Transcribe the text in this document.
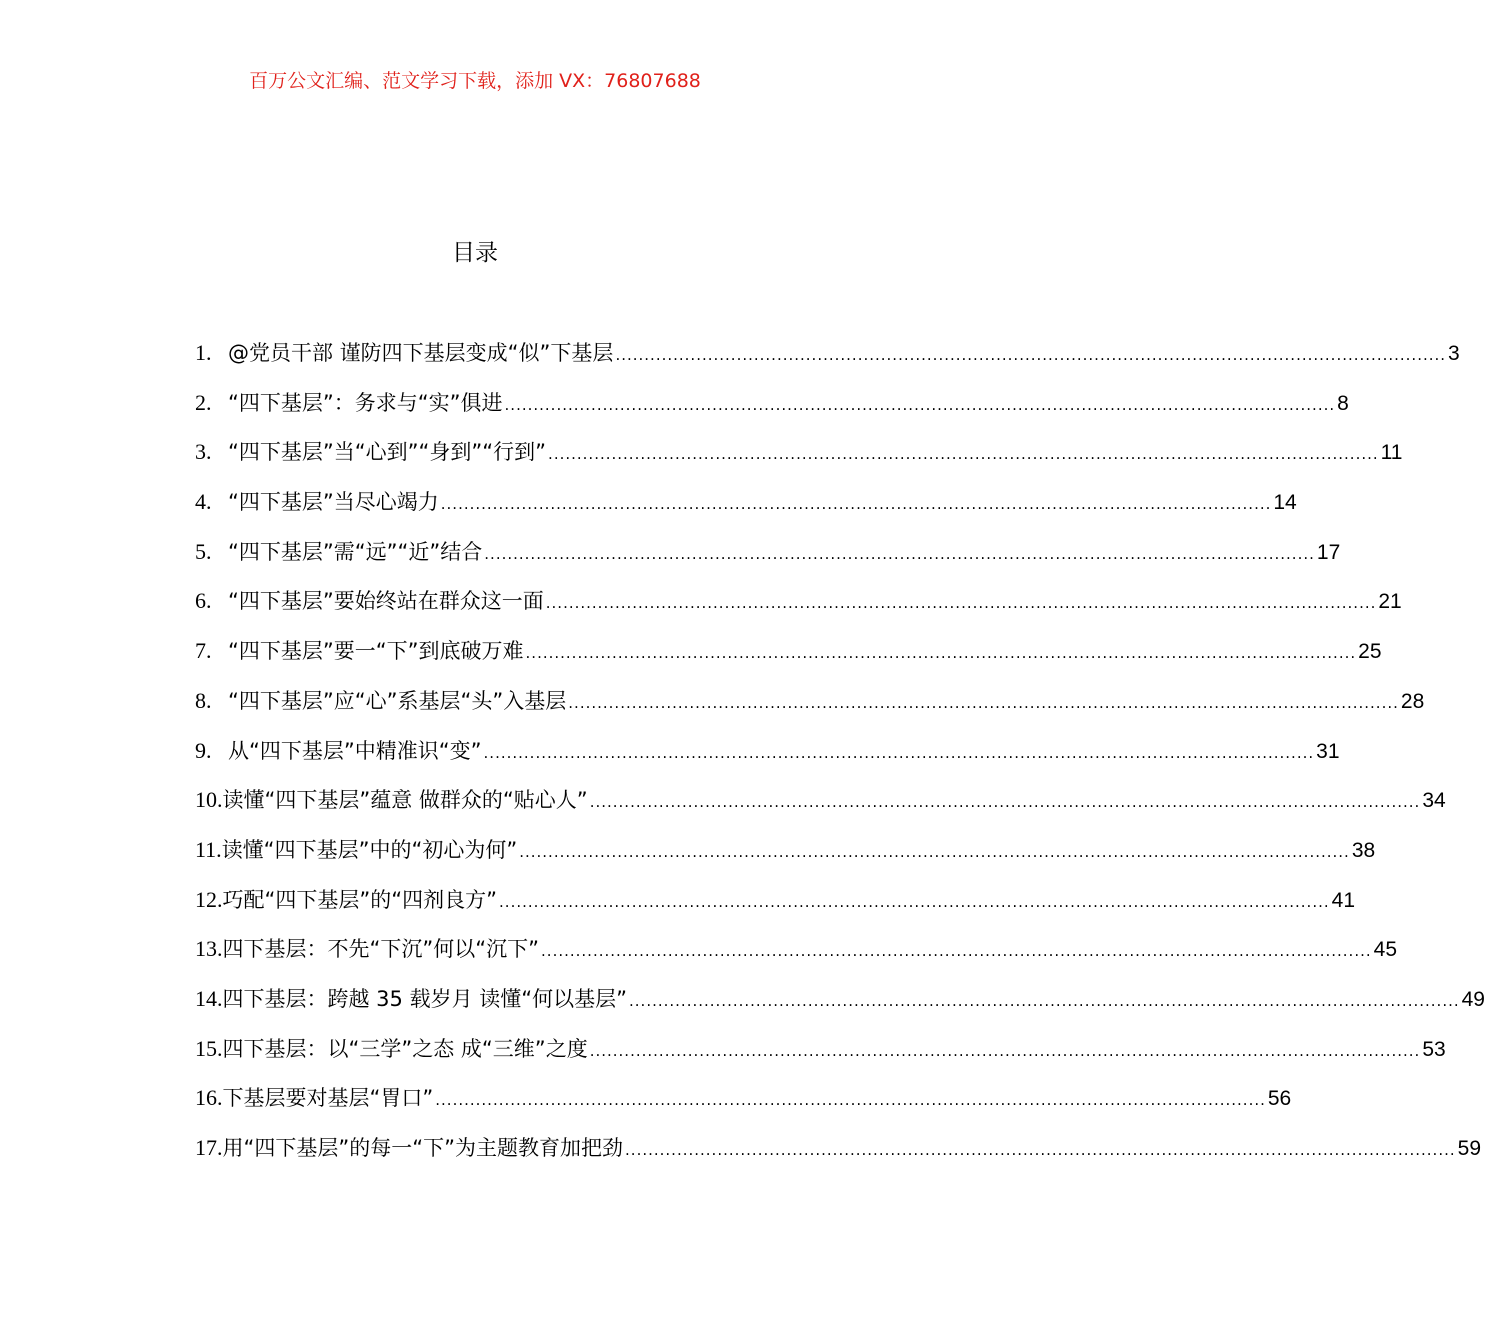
百万公文汇编、范文学习下载，添加 VX：76807688
目录
1. @党员干部 谨防四下基层变成“似”下基层 ................................................................................................................................................ 3
2. “四下基层”：务求与“实”俱进 ................................................................................................................................................ 8
3. “四下基层”当“心到”“身到”“行到” ................................................................................................................................................ 11
4. “四下基层”当尽心竭力 ................................................................................................................................................ 14
5. “四下基层”需“远”“近”结合 ................................................................................................................................................ 17
6. “四下基层”要始终站在群众这一面 ................................................................................................................................................ 21
7. “四下基层”要一“下”到底破万难 ................................................................................................................................................ 25
8. “四下基层”应“心”系基层“头”入基层 ................................................................................................................................................ 28
9. 从“四下基层”中精准识“变” ................................................................................................................................................ 31
10. 读懂“四下基层”蕴意 做群众的“贴心人” ................................................................................................................................................ 34
11. 读懂“四下基层”中的“初心为何” ................................................................................................................................................ 38
12. 巧配“四下基层”的“四剂良方” ................................................................................................................................................ 41
13. 四下基层：不先“下沉”何以“沉下” ................................................................................................................................................ 45
14. 四下基层：跨越 35 载岁月 读懂“何以基层” ................................................................................................................................................ 49
15. 四下基层：以“三学”之态 成“三维”之度 ................................................................................................................................................ 53
16. 下基层要对基层“胃口” ................................................................................................................................................ 56
17. 用“四下基层”的每一“下”为主题教育加把劲 ................................................................................................................................................ 59
